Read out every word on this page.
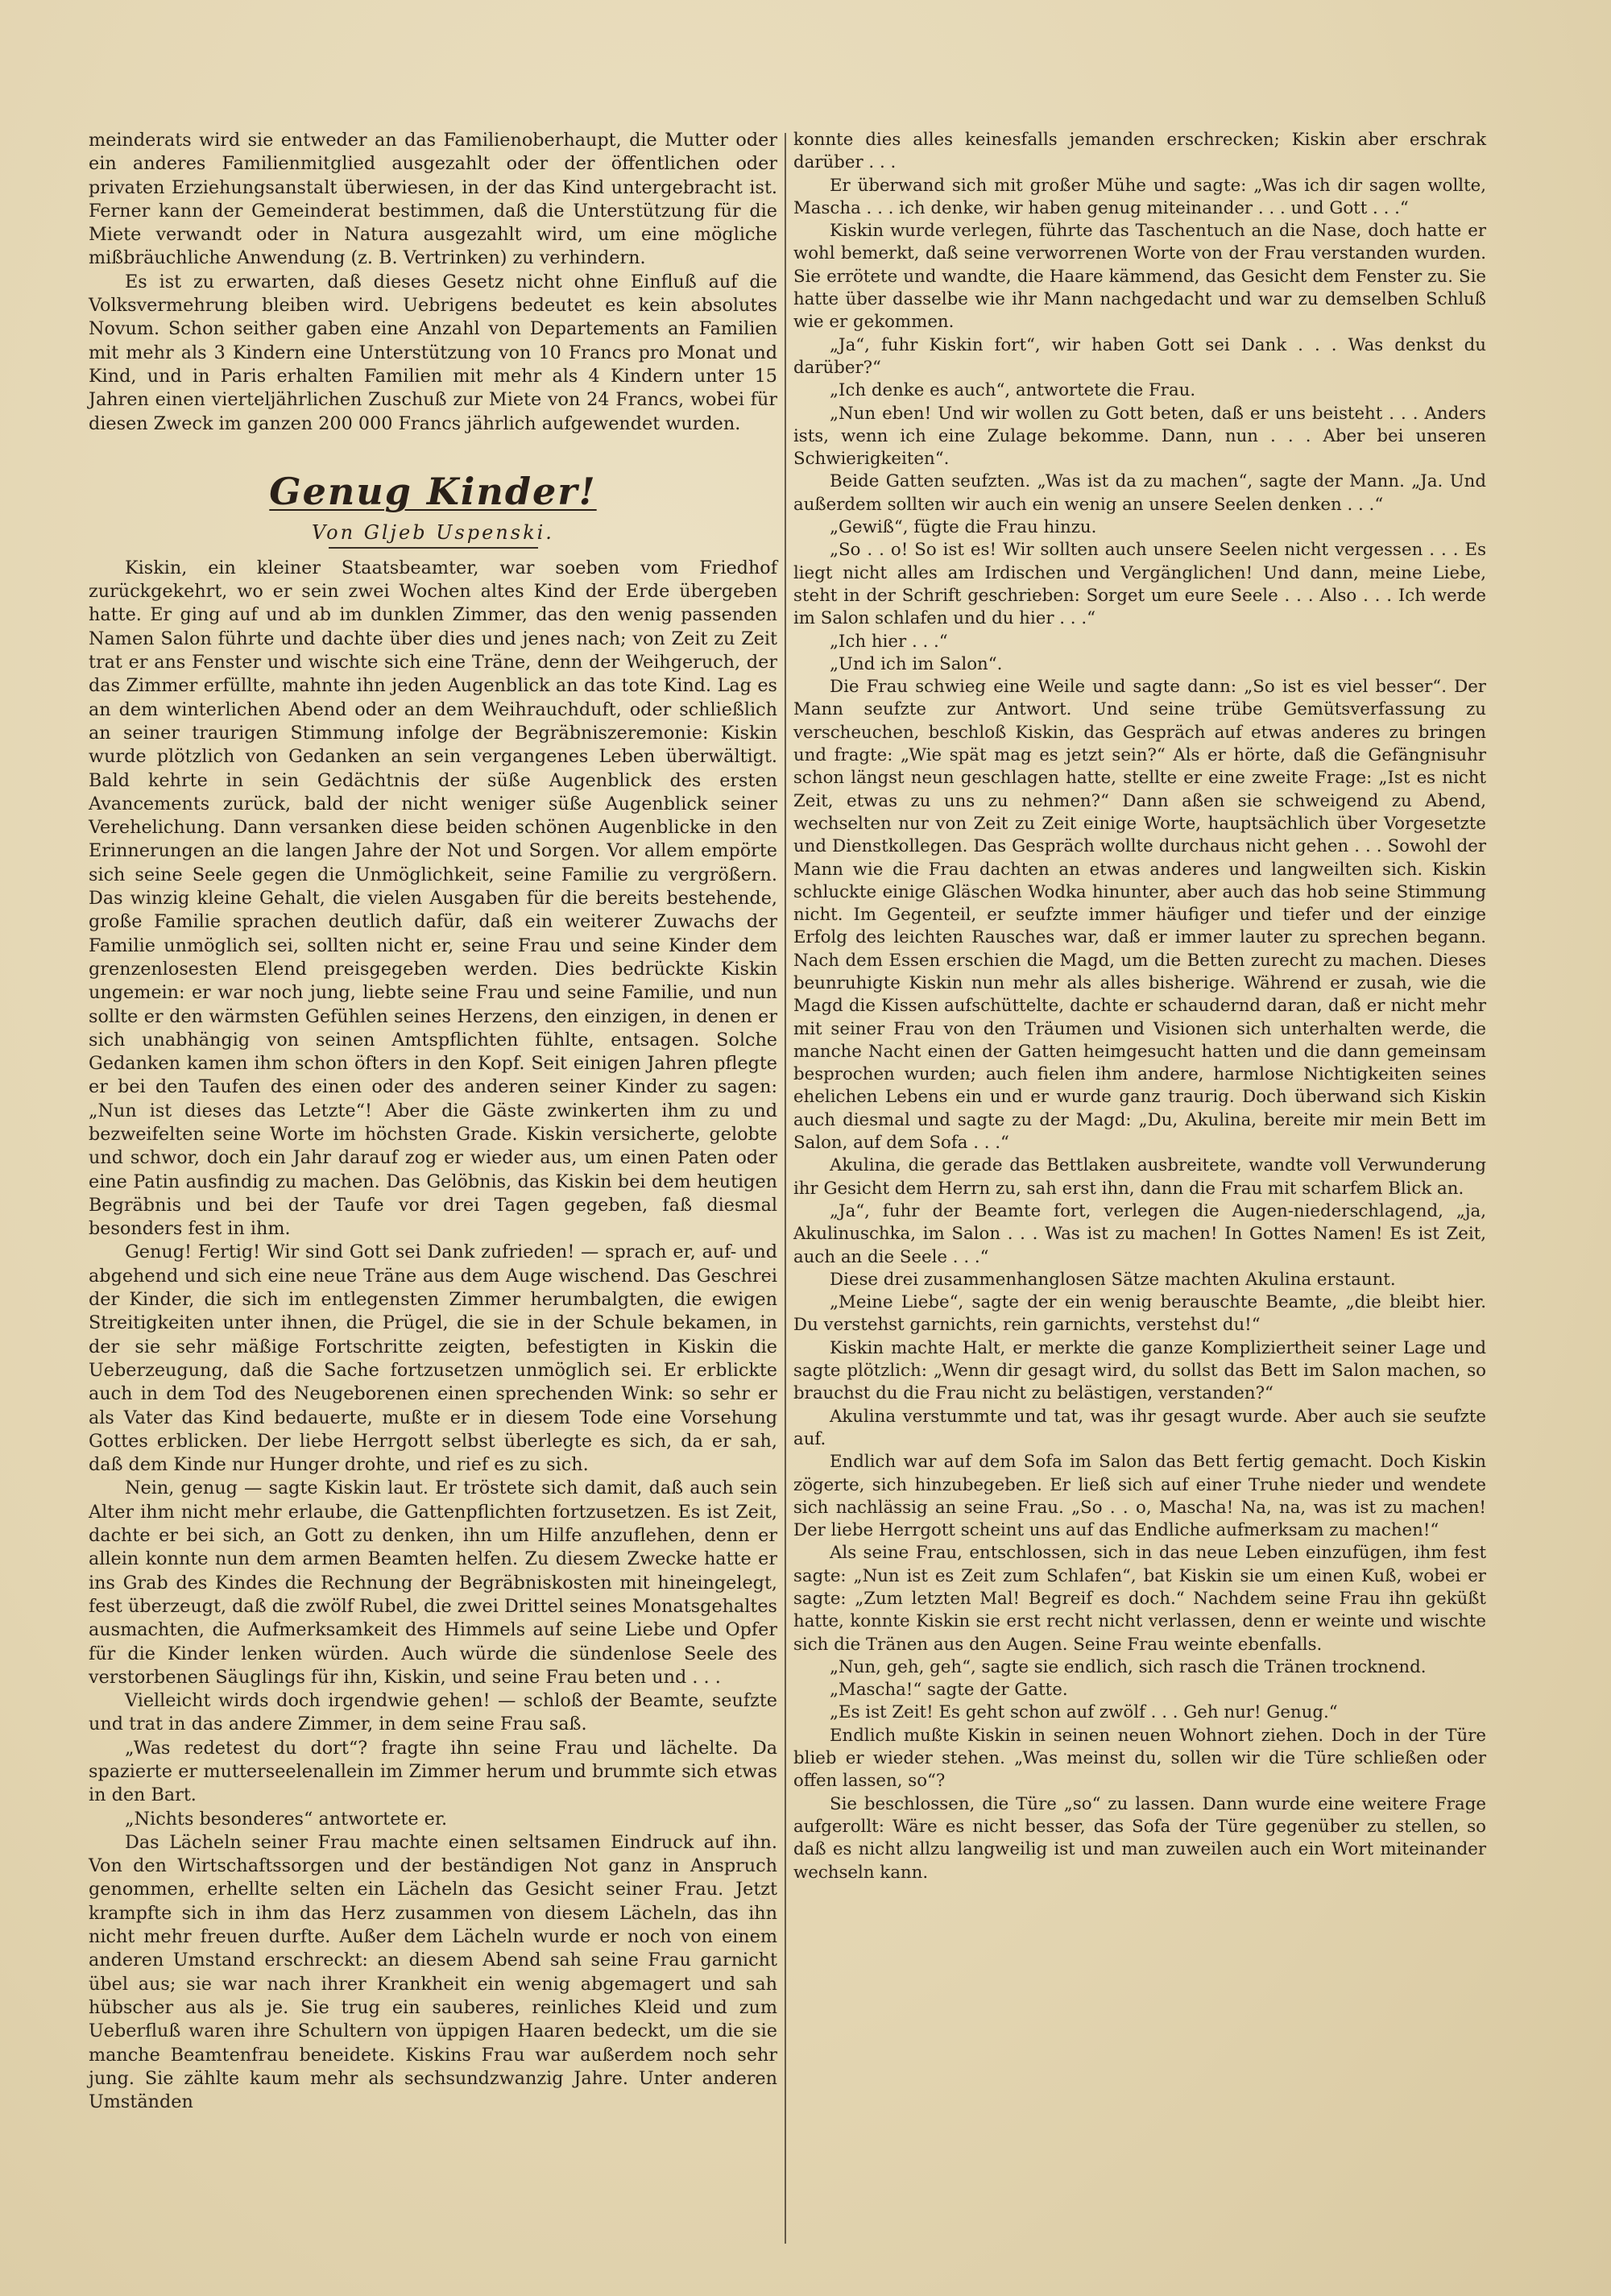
meinderats wird sie entweder an das Familienoberhaupt, die Mutter oder ein anderes Familienmitglied ausgezahlt oder der öffentlichen oder privaten Erziehungsanstalt überwiesen, in der das Kind untergebracht ist. Ferner kann der Gemeinderat bestimmen, daß die Unterstützung für die Miete verwandt oder in Natura ausgezahlt wird, um eine mögliche mißbräuchliche Anwendung (z. B. Vertrinken) zu verhindern.

Es ist zu erwarten, daß dieses Gesetz nicht ohne Einfluß auf die Volksvermehrung bleiben wird. Uebrigens bedeutet es kein absolutes Novum. Schon seither gaben eine Anzahl von Departements an Familien mit mehr als 3 Kindern eine Unterstützung von 10 Francs pro Monat und Kind, und in Paris erhalten Familien mit mehr als 4 Kindern unter 15 Jahren einen vierteljährlichen Zuschuß zur Miete von 24 Francs, wobei für diesen Zweck im ganzen 200 000 Francs jährlich aufgewendet wurden.

Genug Kinder!
Von Gljeb Uspenski.

Kiskin, ein kleiner Staatsbeamter, war soeben vom Friedhof zurückgekehrt, wo er sein zwei Wochen altes Kind der Erde übergeben hatte. Er ging auf und ab im dunklen Zimmer, das den wenig passenden Namen Salon führte und dachte über dies und jenes nach; von Zeit zu Zeit trat er ans Fenster und wischte sich eine Träne, denn der Weihgeruch, der das Zimmer erfüllte, mahnte ihn jeden Augenblick an das tote Kind. Lag es an dem winterlichen Abend oder an dem Weihrauchduft, oder schließlich an seiner traurigen Stimmung infolge der Begräbniszeremonie: Kiskin wurde plötzlich von Gedanken an sein vergangenes Leben überwältigt. Bald kehrte in sein Gedächtnis der süße Augenblick des ersten Avancements zurück, bald der nicht weniger süße Augenblick seiner Verehelichung. Dann versanken diese beiden schönen Augenblicke in den Erinnerungen an die langen Jahre der Not und Sorgen. Vor allem empörte sich seine Seele gegen die Unmöglichkeit, seine Familie zu vergrößern. Das winzig kleine Gehalt, die vielen Ausgaben für die bereits bestehende, große Familie sprachen deutlich dafür, daß ein weiterer Zuwachs der Familie unmöglich sei, sollten nicht er, seine Frau und seine Kinder dem grenzenlosesten Elend preisgegeben werden. Dies bedrückte Kiskin ungemein: er war noch jung, liebte seine Frau und seine Familie, und nun sollte er den wärmsten Gefühlen seines Herzens, den einzigen, in denen er sich unabhängig von seinen Amtspflichten fühlte, entsagen. Solche Gedanken kamen ihm schon öfters in den Kopf. Seit einigen Jahren pflegte er bei den Taufen des einen oder des anderen seiner Kinder zu sagen: „Nun ist dieses das Letzte“! Aber die Gäste zwinkerten ihm zu und bezweifelten seine Worte im höchsten Grade. Kiskin versicherte, gelobte und schwor, doch ein Jahr darauf zog er wieder aus, um einen Paten oder eine Patin ausfindig zu machen. Das Gelöbnis, das Kiskin bei dem heutigen Begräbnis und bei der Taufe vor drei Tagen gegeben, faß diesmal besonders fest in ihm.

Genug! Fertig! Wir sind Gott sei Dank zufrieden! — sprach er, auf- und abgehend und sich eine neue Träne aus dem Auge wischend. Das Geschrei der Kinder, die sich im entlegensten Zimmer herumbalgten, die ewigen Streitigkeiten unter ihnen, die Prügel, die sie in der Schule bekamen, in der sie sehr mäßige Fortschritte zeigten, befestigten in Kiskin die Ueberzeugung, daß die Sache fortzusetzen unmöglich sei. Er erblickte auch in dem Tod des Neugeborenen einen sprechenden Wink: so sehr er als Vater das Kind bedauerte, mußte er in diesem Tode eine Vorsehung Gottes erblicken. Der liebe Herrgott selbst überlegte es sich, da er sah, daß dem Kinde nur Hunger drohte, und rief es zu sich.

Nein, genug — sagte Kiskin laut. Er tröstete sich damit, daß auch sein Alter ihm nicht mehr erlaube, die Gattenpflichten fortzusetzen. Es ist Zeit, dachte er bei sich, an Gott zu denken, ihn um Hilfe anzuflehen, denn er allein konnte nun dem armen Beamten helfen. Zu diesem Zwecke hatte er ins Grab des Kindes die Rechnung der Begräbniskosten mit hineingelegt, fest überzeugt, daß die zwölf Rubel, die zwei Drittel seines Monatsgehaltes ausmachten, die Aufmerksamkeit des Himmels auf seine Liebe und Opfer für die Kinder lenken würden. Auch würde die sündenlose Seele des verstorbenen Säuglings für ihn, Kiskin, und seine Frau beten und . . .

Vielleicht wirds doch irgendwie gehen! — schloß der Beamte, seufzte und trat in das andere Zimmer, in dem seine Frau saß.

„Was redetest du dort“? fragte ihn seine Frau und lächelte. Da spazierte er mutterseelenallein im Zimmer herum und brummte sich etwas in den Bart.

„Nichts besonderes“ antwortete er.

Das Lächeln seiner Frau machte einen seltsamen Eindruck auf ihn. Von den Wirtschaftssorgen und der beständigen Not ganz in Anspruch genommen, erhellte selten ein Lächeln das Gesicht seiner Frau. Jetzt krampfte sich in ihm das Herz zusammen von diesem Lächeln, das ihn nicht mehr freuen durfte. Außer dem Lächeln wurde er noch von einem anderen Umstand erschreckt: an diesem Abend sah seine Frau garnicht übel aus; sie war nach ihrer Krankheit ein wenig abgemagert und sah hübscher aus als je. Sie trug ein sauberes, reinliches Kleid und zum Ueberfluß waren ihre Schultern von üppigen Haaren bedeckt, um die sie manche Beamtenfrau beneidete. Kiskins Frau war außerdem noch sehr jung. Sie zählte kaum mehr als sechsundzwanzig Jahre. Unter anderen Umständen

konnte dies alles keinesfalls jemanden erschrecken; Kiskin aber erschrak darüber . . .

Er überwand sich mit großer Mühe und sagte: „Was ich dir sagen wollte, Mascha . . . ich denke, wir haben genug miteinander . . . und Gott . . .“

Kiskin wurde verlegen, führte das Taschentuch an die Nase, doch hatte er wohl bemerkt, daß seine verworrenen Worte von der Frau verstanden wurden. Sie errötete und wandte, die Haare kämmend, das Gesicht dem Fenster zu. Sie hatte über dasselbe wie ihr Mann nachgedacht und war zu demselben Schluß wie er gekommen.

„Ja“, fuhr Kiskin fort“, wir haben Gott sei Dank . . . Was denkst du darüber?“

„Ich denke es auch“, antwortete die Frau.

„Nun eben! Und wir wollen zu Gott beten, daß er uns beisteht . . . Anders ists, wenn ich eine Zulage bekomme. Dann, nun . . . Aber bei unseren Schwierigkeiten“.

Beide Gatten seufzten. „Was ist da zu machen“, sagte der Mann. „Ja. Und außerdem sollten wir auch ein wenig an unsere Seelen denken . . .“

„Gewiß“, fügte die Frau hinzu.

„So . . o! So ist es! Wir sollten auch unsere Seelen nicht vergessen . . . Es liegt nicht alles am Irdischen und Vergänglichen! Und dann, meine Liebe, steht in der Schrift geschrieben: Sorget um eure Seele . . . Also . . . Ich werde im Salon schlafen und du hier . . .“

„Ich hier . . .“

„Und ich im Salon“.

Die Frau schwieg eine Weile und sagte dann: „So ist es viel besser“. Der Mann seufzte zur Antwort. Und seine trübe Gemütsverfassung zu verscheuchen, beschloß Kiskin, das Gespräch auf etwas anderes zu bringen und fragte: „Wie spät mag es jetzt sein?“ Als er hörte, daß die Gefängnisuhr schon längst neun geschlagen hatte, stellte er eine zweite Frage: „Ist es nicht Zeit, etwas zu uns zu nehmen?“ Dann aßen sie schweigend zu Abend, wechselten nur von Zeit zu Zeit einige Worte, hauptsächlich über Vorgesetzte und Dienstkollegen. Das Gespräch wollte durchaus nicht gehen . . . Sowohl der Mann wie die Frau dachten an etwas anderes und langweilten sich. Kiskin schluckte einige Gläschen Wodka hinunter, aber auch das hob seine Stimmung nicht. Im Gegenteil, er seufzte immer häufiger und tiefer und der einzige Erfolg des leichten Rausches war, daß er immer lauter zu sprechen begann. Nach dem Essen erschien die Magd, um die Betten zurecht zu machen. Dieses beunruhigte Kiskin nun mehr als alles bisherige. Während er zusah, wie die Magd die Kissen aufschüttelte, dachte er schaudernd daran, daß er nicht mehr mit seiner Frau von den Träumen und Visionen sich unterhalten werde, die manche Nacht einen der Gatten heimgesucht hatten und die dann gemeinsam besprochen wurden; auch fielen ihm andere, harmlose Nichtigkeiten seines ehelichen Lebens ein und er wurde ganz traurig. Doch überwand sich Kiskin auch diesmal und sagte zu der Magd: „Du, Akulina, bereite mir mein Bett im Salon, auf dem Sofa . . .“

Akulina, die gerade das Bettlaken ausbreitete, wandte voll Verwunderung ihr Gesicht dem Herrn zu, sah erst ihn, dann die Frau mit scharfem Blick an.

„Ja“, fuhr der Beamte fort, verlegen die Augen-niederschlagend, „ja, Akulinuschka, im Salon . . . Was ist zu machen! In Gottes Namen! Es ist Zeit, auch an die Seele . . .“

Diese drei zusammenhanglosen Sätze machten Akulina erstaunt.

„Meine Liebe“, sagte der ein wenig berauschte Beamte, „die bleibt hier. Du verstehst garnichts, rein garnichts, verstehst du!“

Kiskin machte Halt, er merkte die ganze Kompliziertheit seiner Lage und sagte plötzlich: „Wenn dir gesagt wird, du sollst das Bett im Salon machen, so brauchst du die Frau nicht zu belästigen, verstanden?“

Akulina verstummte und tat, was ihr gesagt wurde. Aber auch sie seufzte auf.

Endlich war auf dem Sofa im Salon das Bett fertig gemacht. Doch Kiskin zögerte, sich hinzubegeben. Er ließ sich auf einer Truhe nieder und wendete sich nachlässig an seine Frau. „So . . o, Mascha! Na, na, was ist zu machen! Der liebe Herrgott scheint uns auf das Endliche aufmerksam zu machen!“

Als seine Frau, entschlossen, sich in das neue Leben einzufügen, ihm fest sagte: „Nun ist es Zeit zum Schlafen“, bat Kiskin sie um einen Kuß, wobei er sagte: „Zum letzten Mal! Begreif es doch.“ Nachdem seine Frau ihn geküßt hatte, konnte Kiskin sie erst recht nicht verlassen, denn er weinte und wischte sich die Tränen aus den Augen. Seine Frau weinte ebenfalls.

„Nun, geh, geh“, sagte sie endlich, sich rasch die Tränen trocknend.

„Mascha!“ sagte der Gatte.

„Es ist Zeit! Es geht schon auf zwölf . . . Geh nur! Genug.“

Endlich mußte Kiskin in seinen neuen Wohnort ziehen. Doch in der Türe blieb er wieder stehen. „Was meinst du, sollen wir die Türe schließen oder offen lassen, so“?

Sie beschlossen, die Türe „so“ zu lassen. Dann wurde eine weitere Frage aufgerollt: Wäre es nicht besser, das Sofa der Türe gegenüber zu stellen, so daß es nicht allzu langweilig ist und man zuweilen auch ein Wort miteinander wechseln kann.
